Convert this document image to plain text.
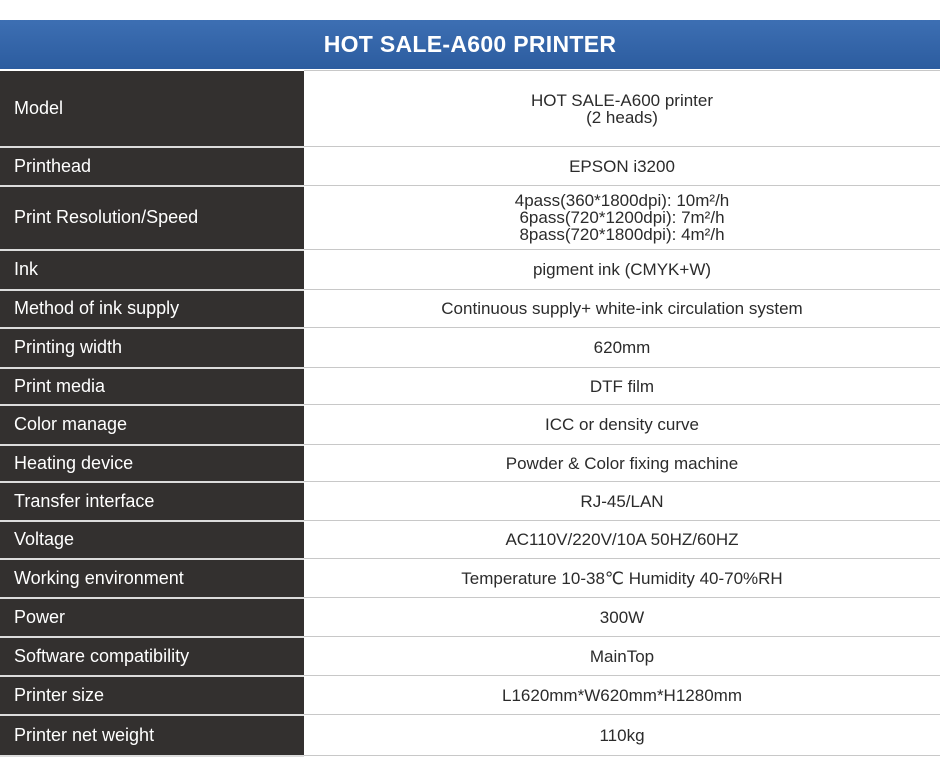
HOT SALE-A600 PRINTER
Model	HOT SALE-A600 printer
(2 heads)

Printhead	EPSON i3200

Print Resolution/Speed	4pass(360*1800dpi): 10m²/h
6pass(720*1200dpi): 7m²/h
8pass(720*1800dpi): 4m²/h

Ink	pigment ink (CMYK+W)

Method of ink supply	Continuous supply+ white-ink circulation system

Printing width	620mm

Print media	DTF film

Color manage	ICC or density curve

Heating device	Powder & Color fixing machine

Transfer interface	RJ-45/LAN

Voltage	AC110V/220V/10A 50HZ/60HZ

Working environment	Temperature 10-38℃ Humidity 40-70%RH

Power	300W

Software compatibility	MainTop

Printer size	L1620mm*W620mm*H1280mm

Printer net weight	110kg
